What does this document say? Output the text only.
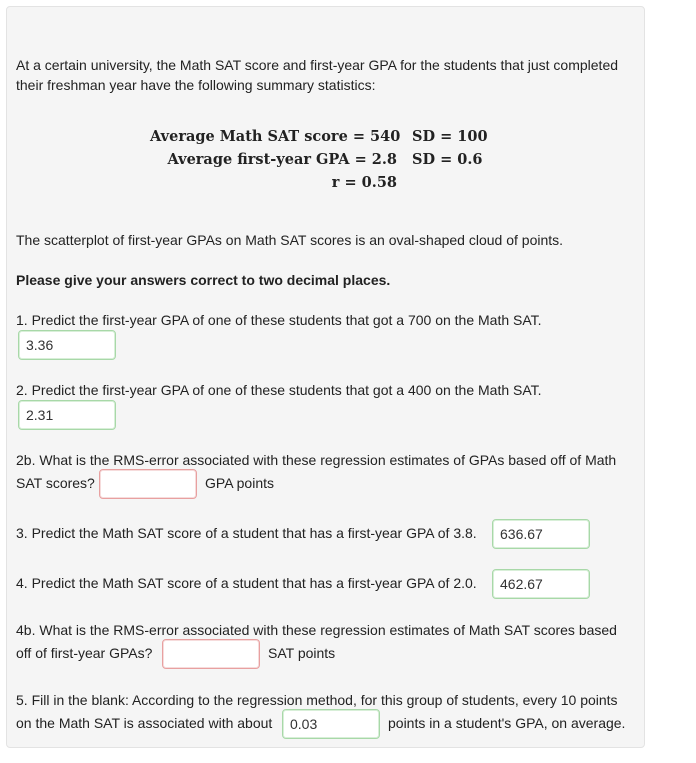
At a certain university, the Math SAT score and first-year GPA for the students that just completed their freshman year have the following summary statistics:

Average Math SAT score = 540 SD = 100
Average first-year GPA = 2.8 SD = 0.6
r = 0.58

The scatterplot of first-year GPAs on Math SAT scores is an oval-shaped cloud of points.

Please give your answers correct to two decimal places.

1. Predict the first-year GPA of one of these students that got a 700 on the Math SAT.

3.36

2. Predict the first-year GPA of one of these students that got a 400 on the Math SAT.

2.31

2b. What is the RMS-error associated with these regression estimates of GPAs based off of Math

SAT scores?	GPA points
3. Predict the Math SAT score of a student that has a first-year GPA of 3.8.
636.67
4. Predict the Math SAT score of a student that has a first-year GPA of 2.0.
462.67

4b. What is the RMS-error associated with these regression estimates of Math SAT scores based

off of first-year GPAs?	SAT points

5. Fill in the blank: According to the regression method, for this group of students, every 10 points

on the Math SAT is associated with about
0.03	points in a student's GPA, on average.
